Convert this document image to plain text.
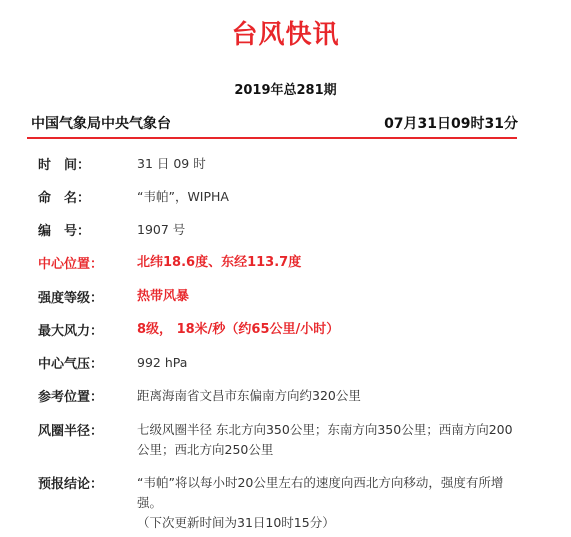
台风快讯
2019年总281期
中国气象局中央气象台	07月31日09时31分
时　间：	31 日 09 时
命　名：	“韦帕”，WIPHA
编　号：	1907 号
中心位置：	北纬18.6度、东经113.7度
强度等级：	热带风暴
最大风力：	8级， 18米/秒（约65公里/小时）
中心气压：	992 hPa
参考位置：	距离海南省文昌市东偏南方向约320公里
风圈半径：	七级风圈半径 东北方向350公里；东南方向350公里；西南方向200公里；西北方向250公里
预报结论：	“韦帕”将以每小时20公里左右的速度向西北方向移动，强度有所增强。
（下次更新时间为31日10时15分）
